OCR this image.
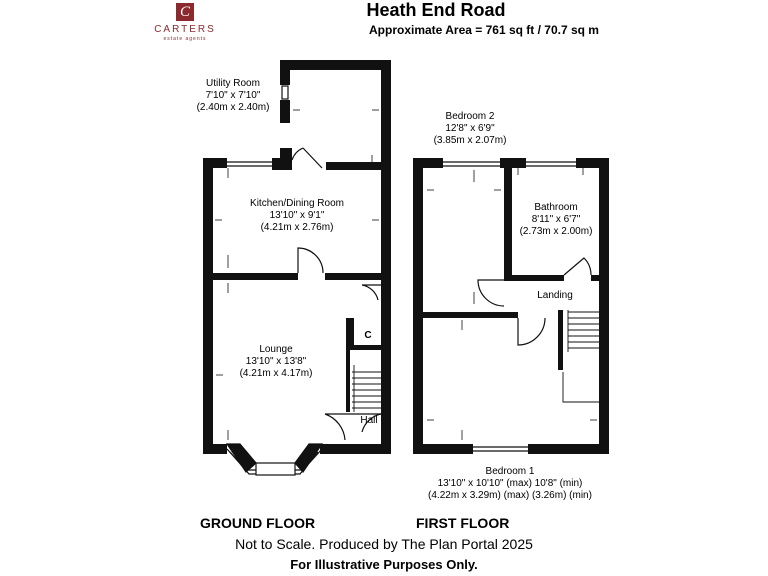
C
CARTERS
estate agents
Heath End Road
Approximate Area = 761 sq ft / 70.7 sq m
Utility Room
7'10" x 7'10"
(2.40m x 2.40m)
Kitchen/Dining Room
13'10" x 9'1"
(4.21m x 2.76m)
Lounge
13'10" x 13'8"
(4.21m x 4.17m)
C
Hall
Bedroom 2
12'8" x 6'9"
(3.85m x 2.07m)
Bathroom
8'11" x 6'7"
(2.73m x 2.00m)
Landing
Bedroom 1
13'10" x 10'10" (max) 10'8" (min)
(4.22m x 3.29m) (max) (3.26m) (min)
GROUND FLOOR	FIRST FLOOR
Not to Scale. Produced by The Plan Portal 2025
For Illustrative Purposes Only.
